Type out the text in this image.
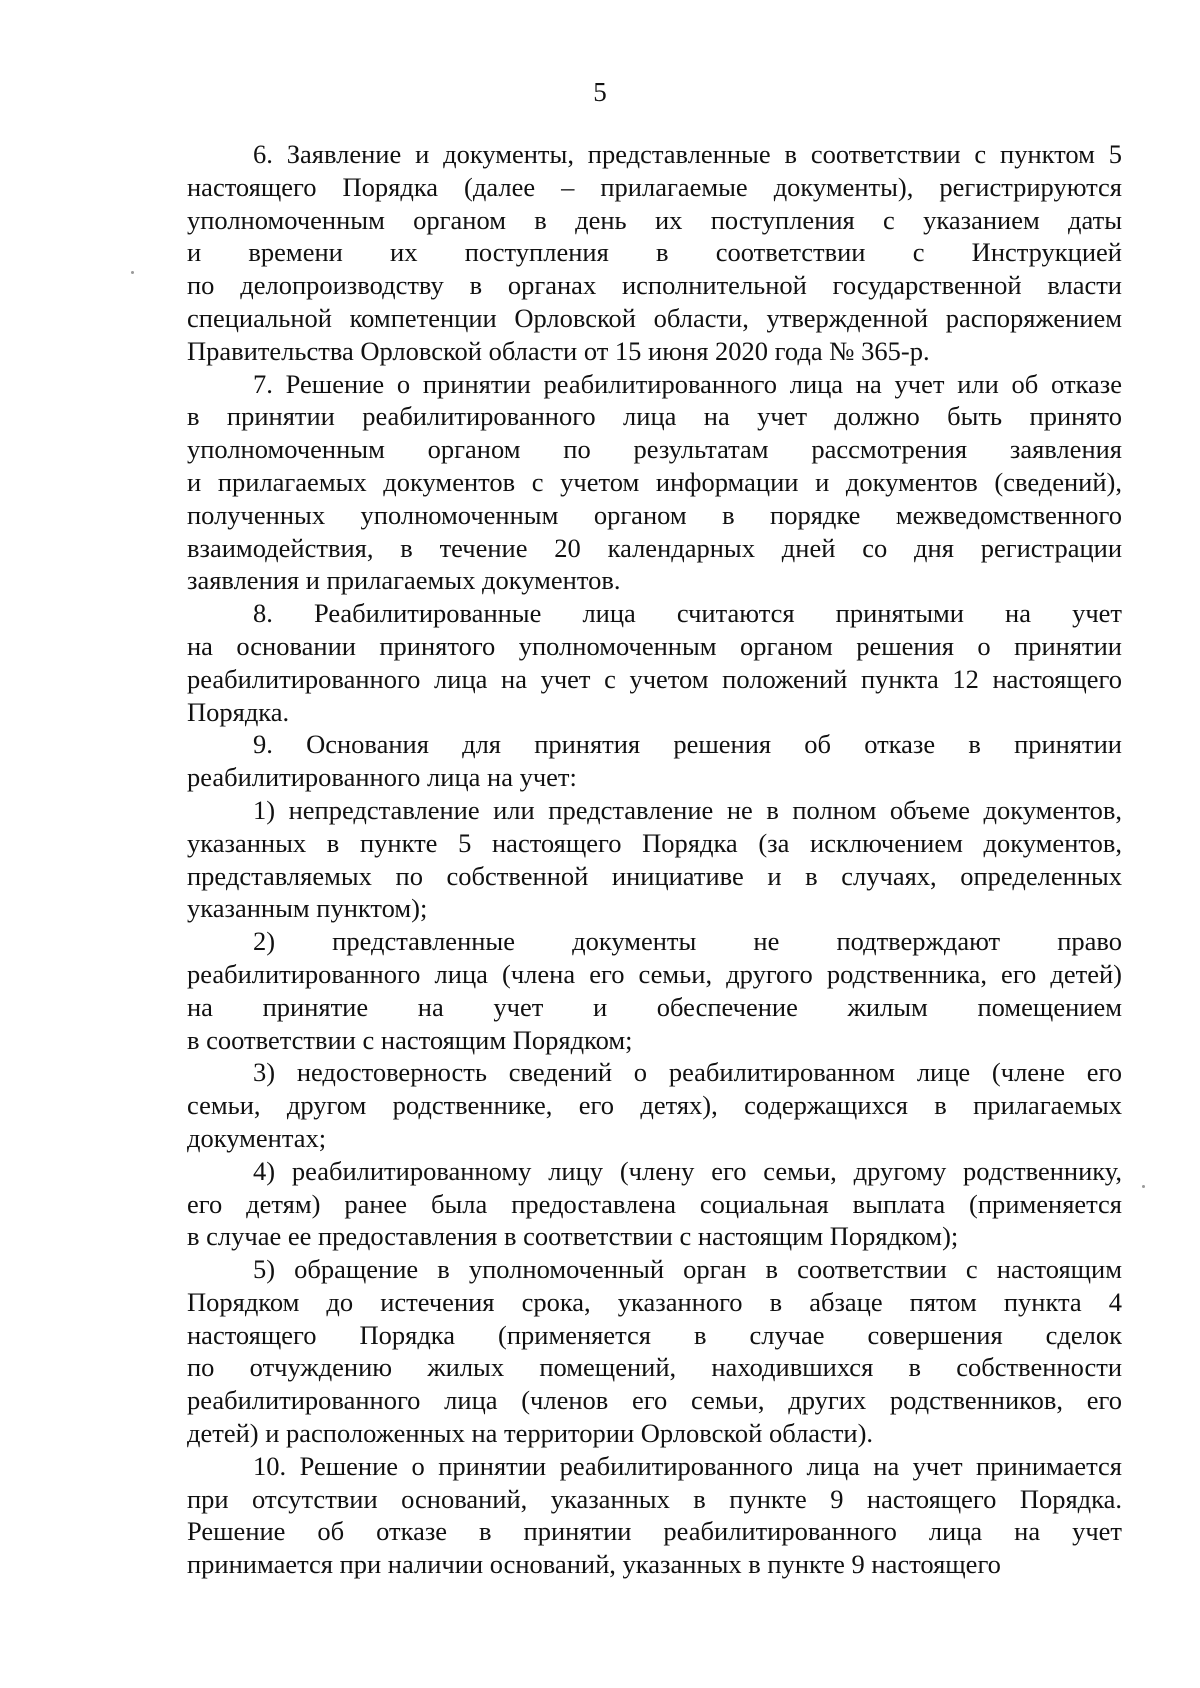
5

6. Заявление и документы, представленные в соответствии с пунктом 5
настоящего Порядка (далее – прилагаемые документы), регистрируются
уполномоченным органом в день их поступления с указанием даты
и времени их поступления в соответствии с Инструкцией
по делопроизводству в органах исполнительной государственной власти
специальной компетенции Орловской области, утвержденной распоряжением
Правительства Орловской области от 15 июня 2020 года № 365-р.

7. Решение о принятии реабилитированного лица на учет или об отказе
в принятии реабилитированного лица на учет должно быть принято
уполномоченным органом по результатам рассмотрения заявления
и прилагаемых документов с учетом информации и документов (сведений),
полученных уполномоченным органом в порядке межведомственного
взаимодействия, в течение 20 календарных дней со дня регистрации
заявления и прилагаемых документов.

8. Реабилитированные лица считаются принятыми на учет
на основании принятого уполномоченным органом решения о принятии
реабилитированного лица на учет с учетом положений пункта 12 настоящего
Порядка.

9. Основания для принятия решения об отказе в принятии
реабилитированного лица на учет:

1) непредставление или представление не в полном объеме документов,
указанных в пункте 5 настоящего Порядка (за исключением документов,
представляемых по собственной инициативе и в случаях, определенных
указанным пунктом);

2) представленные документы не подтверждают право
реабилитированного лица (члена его семьи, другого родственника, его детей)
на принятие на учет и обеспечение жилым помещением
в соответствии с настоящим Порядком;

3) недостоверность сведений о реабилитированном лице (члене его
семьи, другом родственнике, его детях), содержащихся в прилагаемых
документах;

4) реабилитированному лицу (члену его семьи, другому родственнику,
его детям) ранее была предоставлена социальная выплата (применяется
в случае ее предоставления в соответствии с настоящим Порядком);

5) обращение в уполномоченный орган в соответствии с настоящим
Порядком до истечения срока, указанного в абзаце пятом пункта 4
настоящего Порядка (применяется в случае совершения сделок
по отчуждению жилых помещений, находившихся в собственности
реабилитированного лица (членов его семьи, других родственников, его
детей) и расположенных на территории Орловской области).

10. Решение о принятии реабилитированного лица на учет принимается
при отсутствии оснований, указанных в пункте 9 настоящего Порядка.
Решение об отказе в принятии реабилитированного лица на учет
принимается при наличии оснований, указанных в пункте 9 настоящего
